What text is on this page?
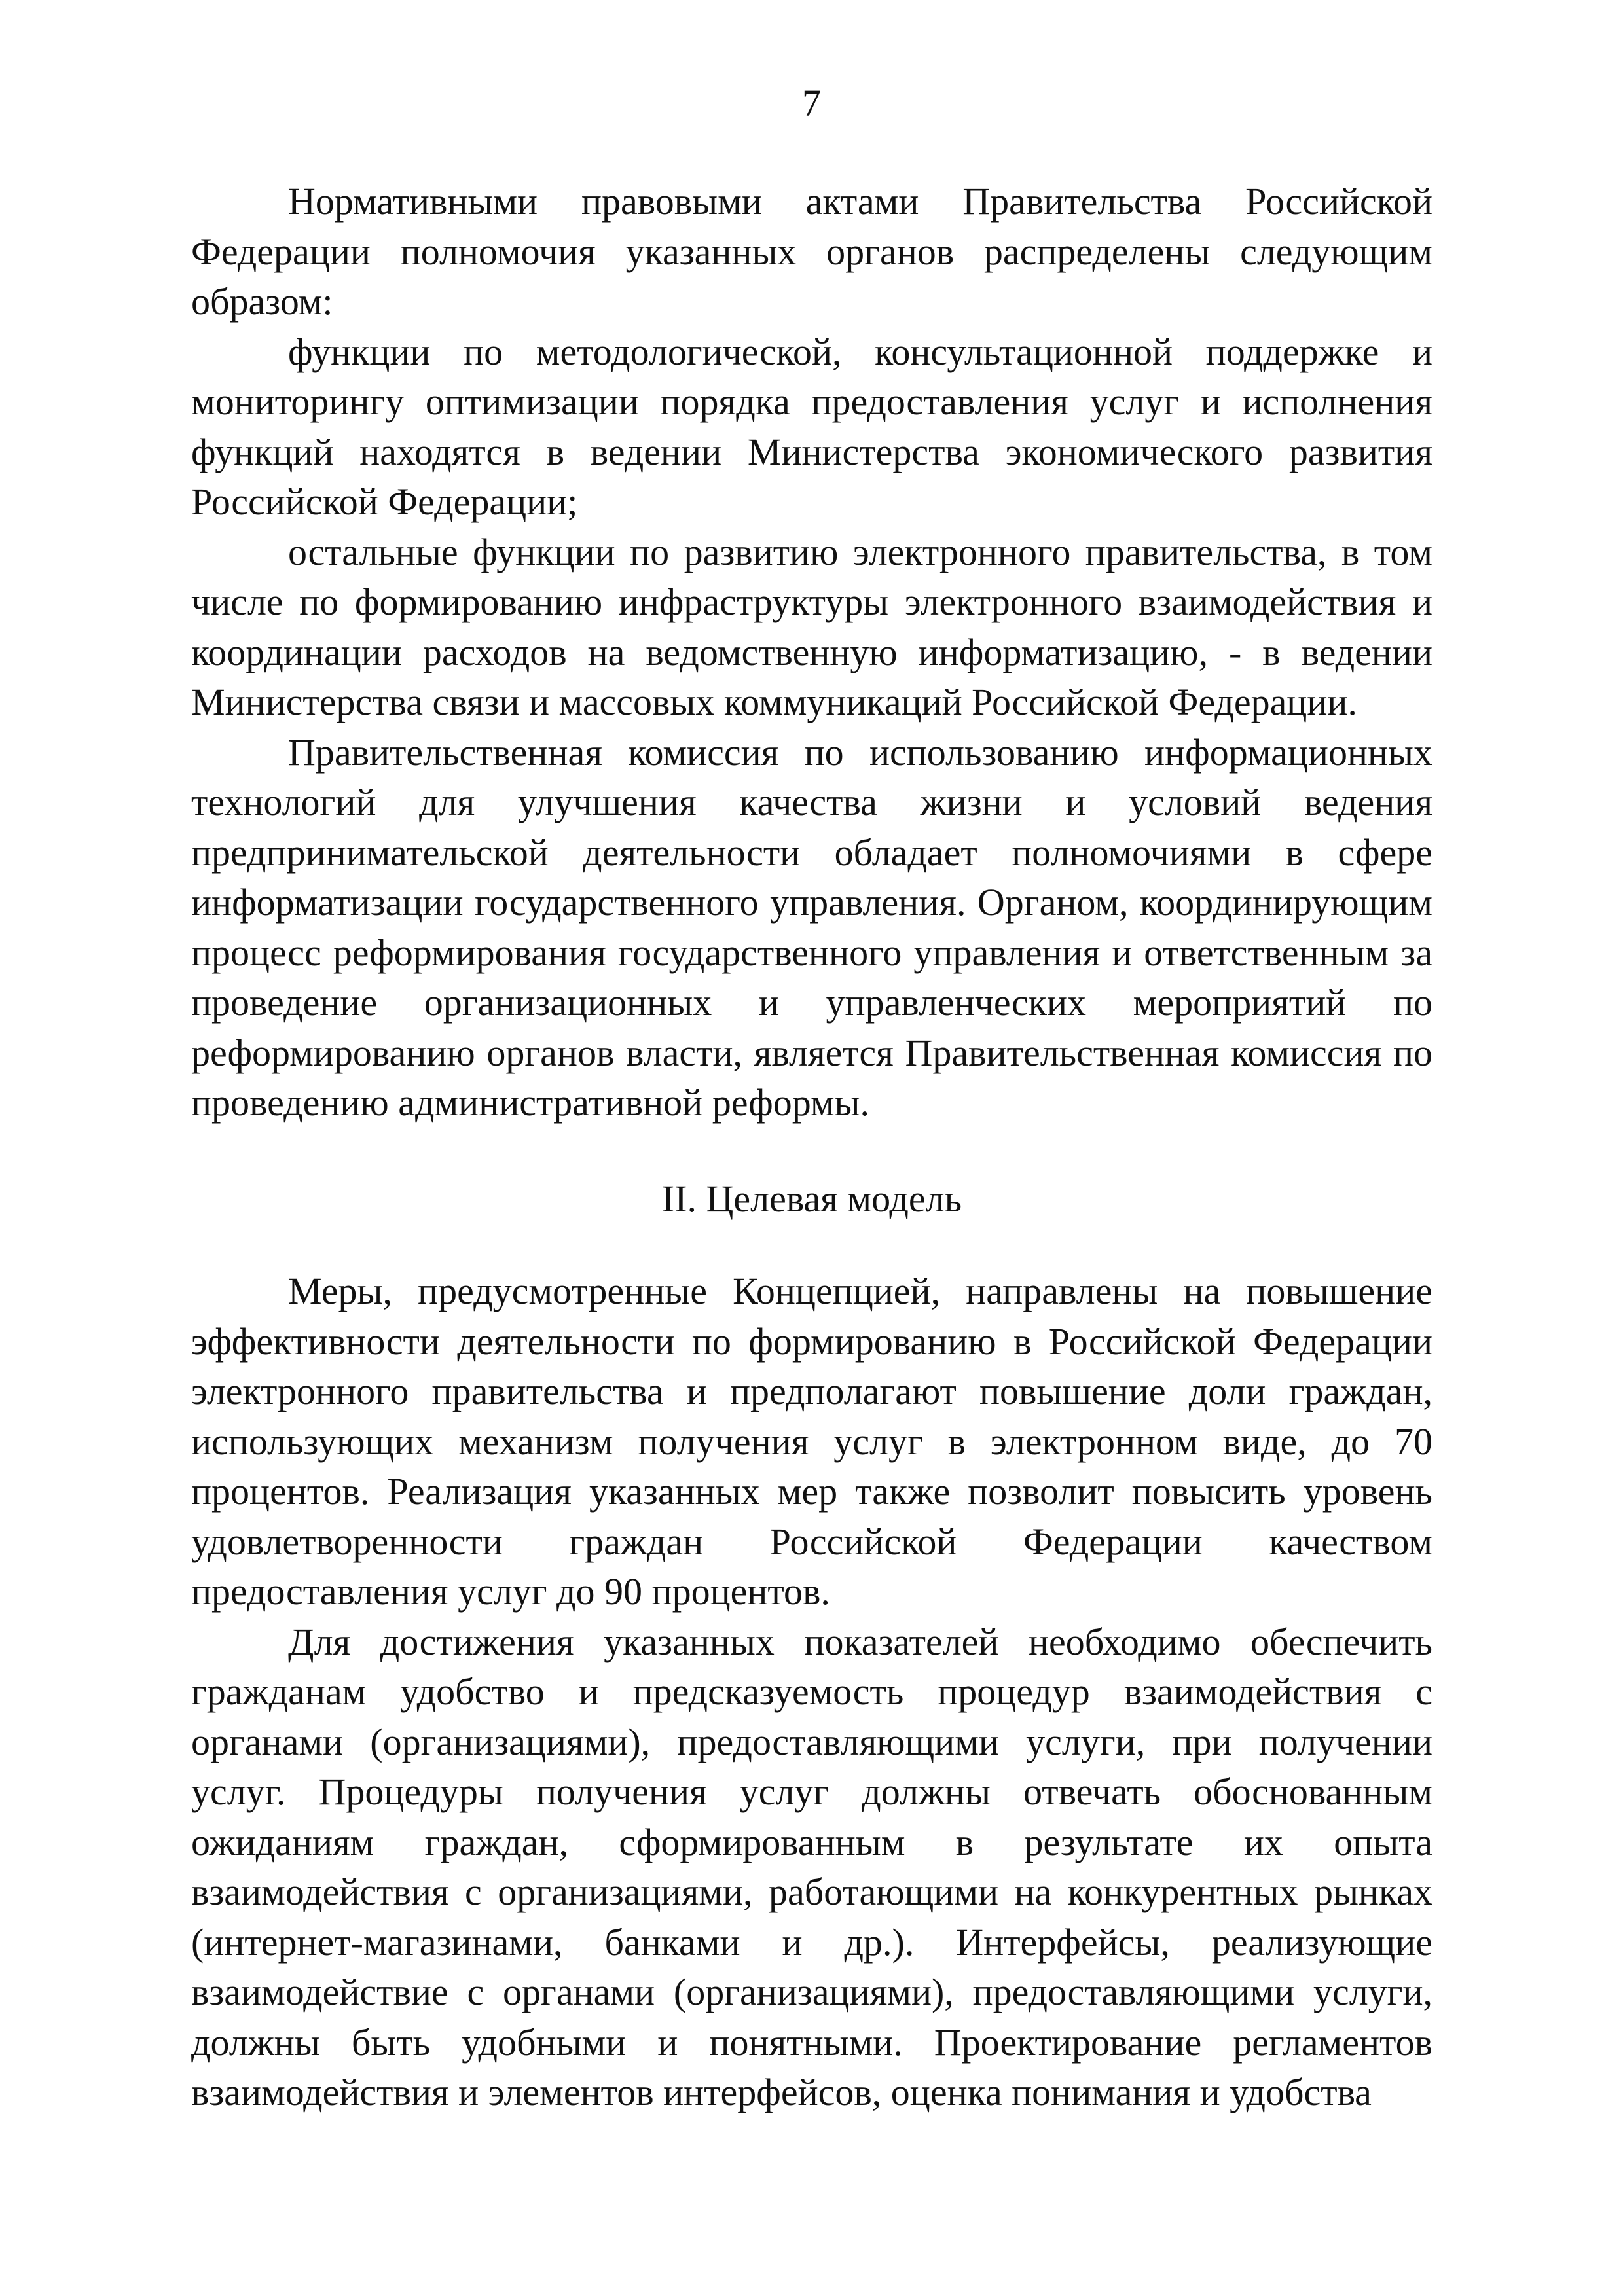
7

Нормативными правовыми актами Правительства Российской Федерации полномочия указанных органов распределены следующим образом:

функции по методологической, консультационной поддержке и мониторингу оптимизации порядка предоставления услуг и исполнения функций находятся в ведении Министерства экономического развития Российской Федерации;

остальные функции по развитию электронного правительства, в том числе по формированию инфраструктуры электронного взаимодействия и координации расходов на ведомственную информатизацию, - в ведении Министерства связи и массовых коммуникаций Российской Федерации.

Правительственная комиссия по использованию информационных технологий для улучшения качества жизни и условий ведения предпринимательской деятельности обладает полномочиями в сфере информатизации государственного управления. Органом, координирующим процесс реформирования государственного управления и ответственным за проведение организационных и управленческих мероприятий по реформированию органов власти, является Правительственная комиссия по проведению административной реформы.

II. Целевая модель

Меры, предусмотренные Концепцией, направлены на повышение эффективности деятельности по формированию в Российской Федерации электронного правительства и предполагают повышение доли граждан, использующих механизм получения услуг в электронном виде, до 70 процентов. Реализация указанных мер также позволит повысить уровень удовлетворенности граждан Российской Федерации качеством предоставления услуг до 90 процентов.

Для достижения указанных показателей необходимо обеспечить гражданам удобство и предсказуемость процедур взаимодействия с органами (организациями), предоставляющими услуги, при получении услуг. Процедуры получения услуг должны отвечать обоснованным ожиданиям граждан, сформированным в результате их опыта взаимодействия с организациями, работающими на конкурентных рынках (интернет-магазинами, банками и др.). Интерфейсы, реализующие взаимодействие с органами (организациями), предоставляющими услуги, должны быть удобными и понятными. Проектирование регламентов взаимодействия и элементов интерфейсов, оценка понимания и удобства
